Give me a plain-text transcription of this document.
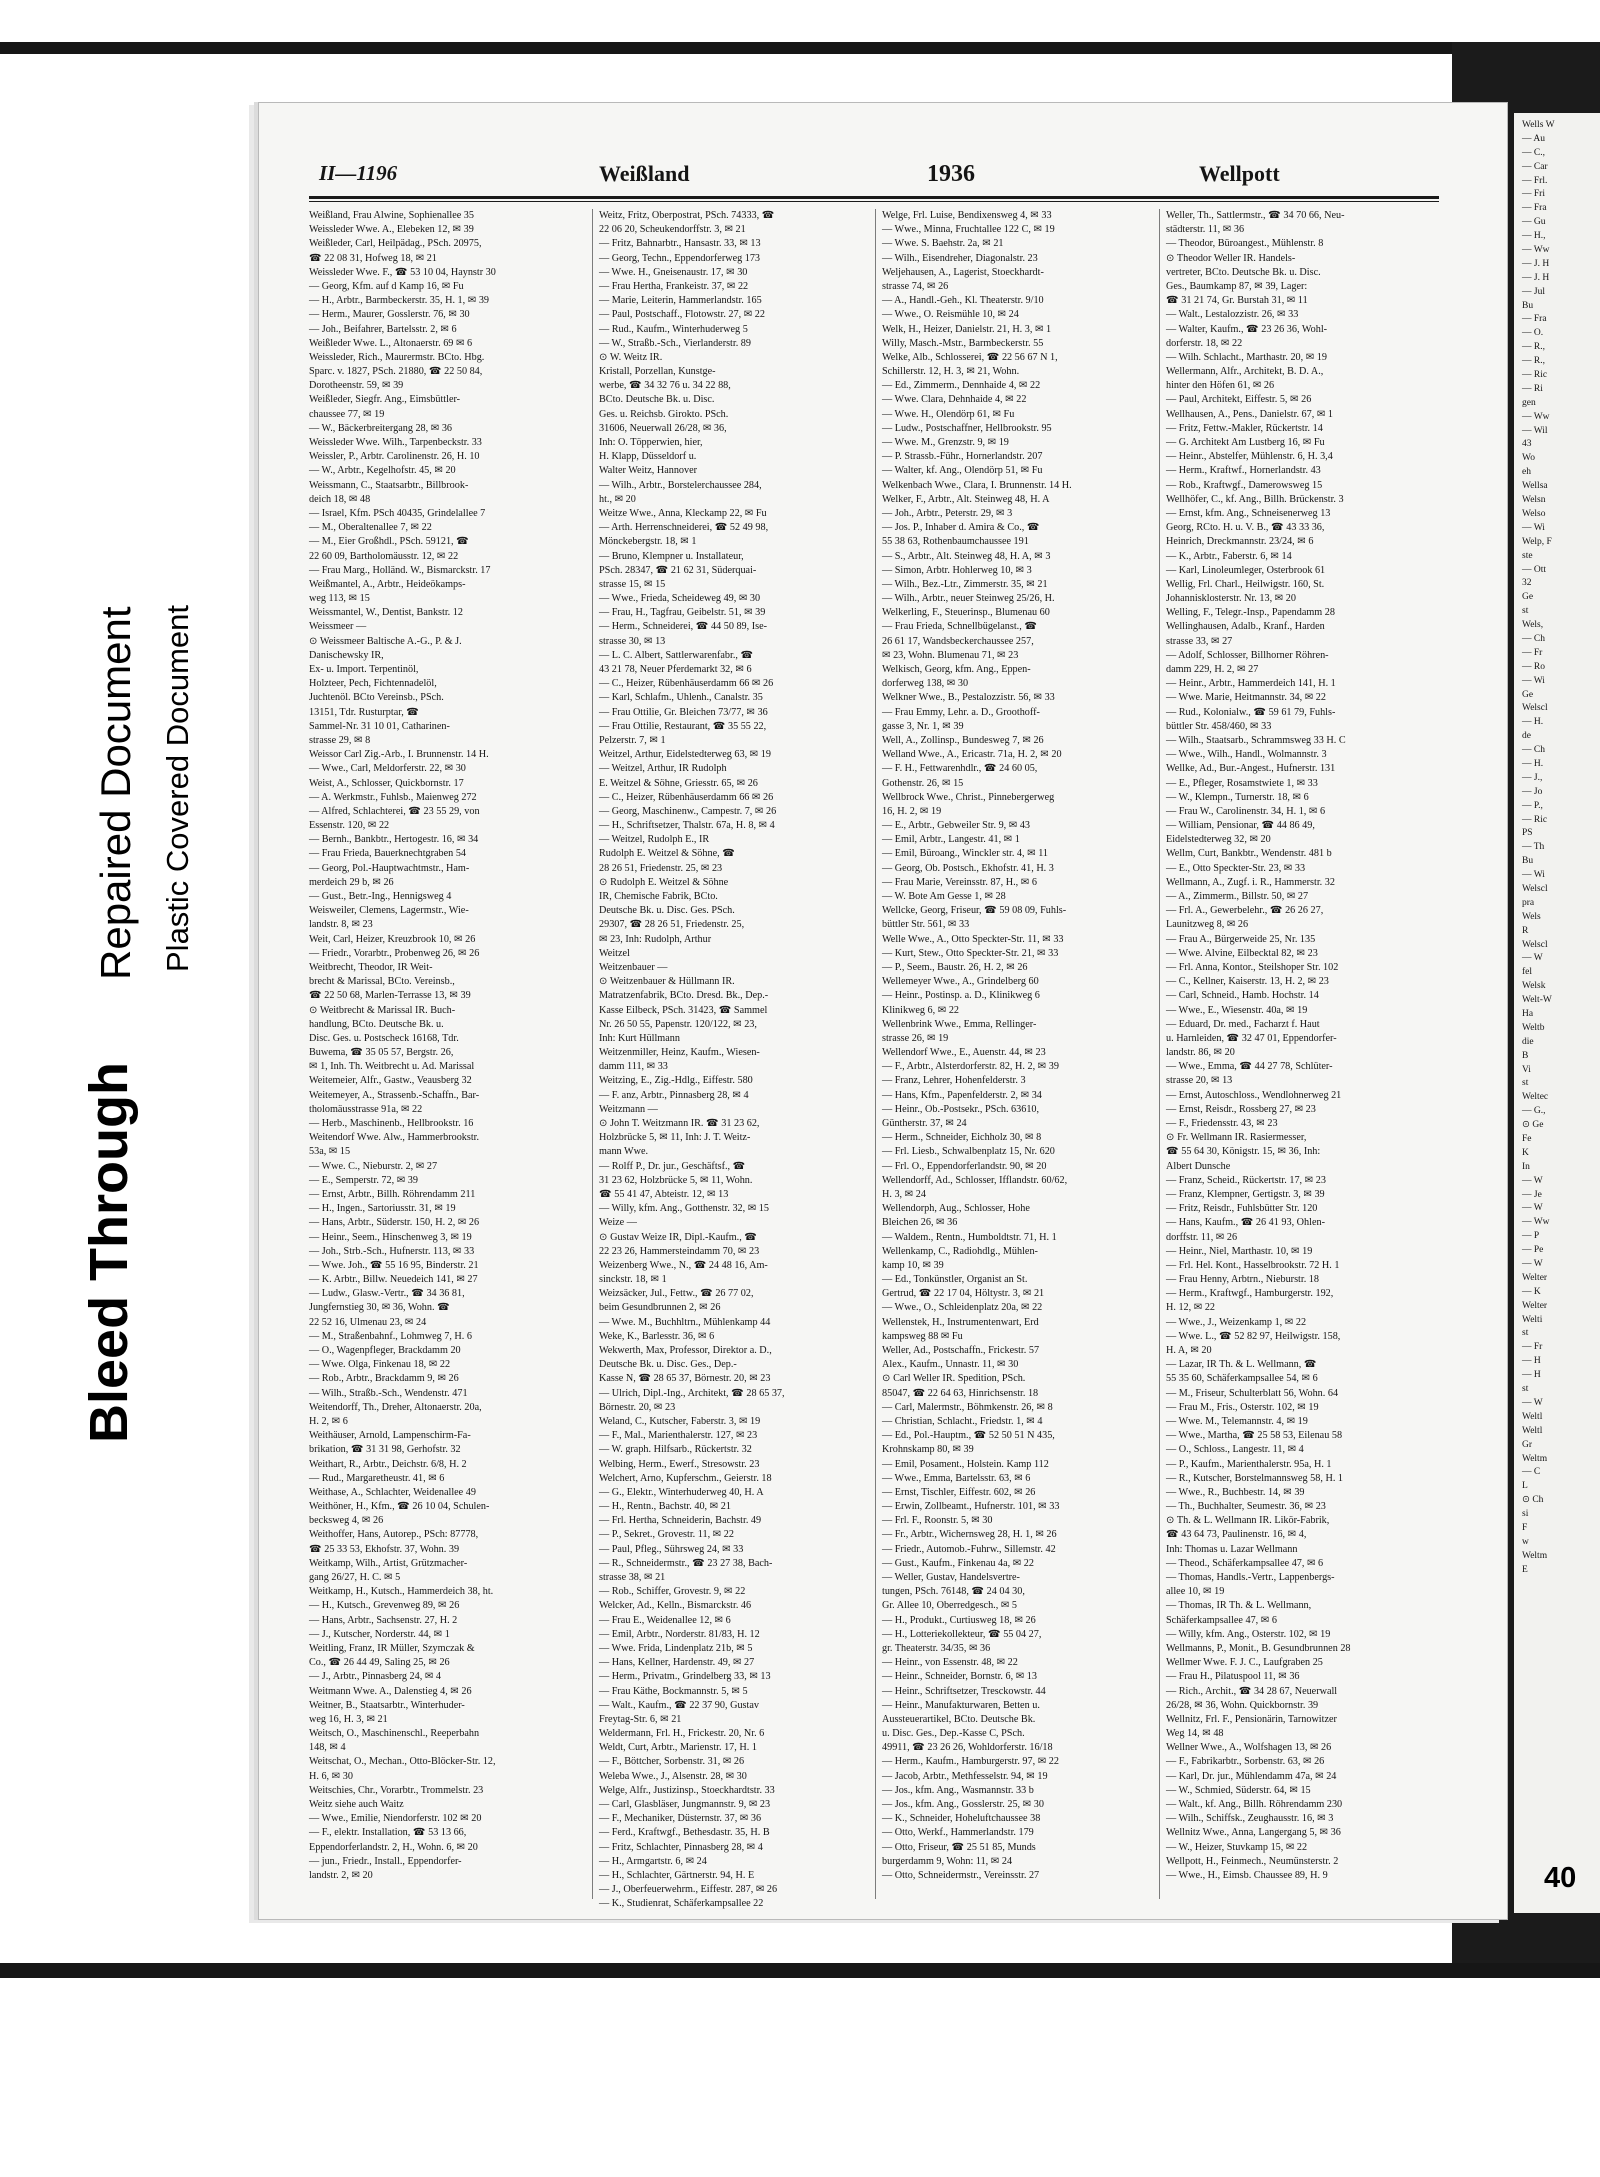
Bleed Through
Repaired Document Plastic Covered Document
Wells W
— Au
— C.,
— Car
— Frl.
— Fri
— Fra
— Gu
— H.,
— Ww
— J. H
— J. H
— Jul
Bu
— Fra
— O.
— R.,
— R.,
— Ric
— Ri
gen
— Ww
— Wil
43
Wo
eh
Wellsa
Welsn
Welso
— Wi
Welp, F
ste
— Ott
32
Ge
st
Wels,
— Ch
— Fr
— Ro
— Wi
Ge
Welscl
— H.
de
— Ch
— H.
— J.,
— Jo
— P.,
— Ric
PS
— Th
Bu
— Wi
Welscl
pra
Wels
R
Welscl
— W
fel
Welsk
Welt-W
Ha
Weltb
die
B
Vi
st
Weltec
— G.,
⊙ Ge
Fe
K
In
— W
— Je
— W
— Ww
— P
— Pe
— W
Welter
— K
Welter
Welti
st
— Fr
— H
— H
st
— W
Weltl
Weltl
Gr
Weltm
— C
L
⊙ Ch
si
F
w
Weltm
E
40
II—1196	Weißland	1936	Wellpott
Weißland, Frau Alwine, Sophienallee 35
Weissleder Wwe. A., Elebeken 12, ✉ 39
Weißleder, Carl, Heilpädag., PSch. 20975,
☎ 22 08 31, Hofweg 18, ✉ 21
Weissleder Wwe. F., ☎ 53 10 04, Haynstr 30
— Georg, Kfm. auf d Kamp 16, ✉ Fu
— H., Arbtr., Barmbeckerstr. 35, H. 1, ✉ 39
— Herm., Maurer, Gosslerstr. 76, ✉ 30
— Joh., Beifahrer, Bartelsstr. 2, ✉ 6
Weißleder Wwe. L., Altonaerstr. 69 ✉ 6
Weissleder, Rich., Maurermstr. BCto. Hbg.
Sparc. v. 1827, PSch. 21880, ☎ 22 50 84,
Dorotheenstr. 59, ✉ 39
Weißleder, Siegfr. Ang., Eimsbüttler-
chaussee 77, ✉ 19
— W., Bäckerbreitergang 28, ✉ 36
Weissleder Wwe. Wilh., Tarpenbeckstr. 33
Weissler, P., Arbtr. Carolinenstr. 26, H. 10
— W., Arbtr., Kegelhofstr. 45, ✉ 20
Weissmann, C., Staatsarbtr., Billbrook-
deich 18, ✉ 48
— Israel, Kfm. PSch 40435, Grindelallee 7
— M., Oberaltenallee 7, ✉ 22
— M., Eier Großhdl., PSch. 59121, ☎
22 60 09, Bartholomäusstr. 12, ✉ 22
— Frau Marg., Holländ. W., Bismarckstr. 17
Weißmantel, A., Arbtr., Heideökamps-
weg 113, ✉ 15
Weissmantel, W., Dentist, Bankstr. 12
Weissmeer —
⊙ Weissmeer Baltische A.-G., P. & J.
Danischewsky IR,
Ex- u. Import. Terpentinöl,
Holzteer, Pech, Fichtennadelöl,
Juchtenöl. BCto Vereinsb., PSch.
13151, Tdr. Rusturptar, ☎
Sammel-Nr. 31 10 01, Catharinen-
strasse 29, ✉ 8
Weissor Carl Zig.-Arb., I. Brunnenstr. 14 H.
— Wwe., Carl, Meldorferstr. 22, ✉ 30
Weist, A., Schlosser, Quickbornstr. 17
— A. Werkmstr., Fuhlsb., Maienweg 272
— Alfred, Schlachterei, ☎ 23 55 29, von
Essenstr. 120, ✉ 22
— Bernh., Bankbtr., Hertogestr. 16, ✉ 34
— Frau Frieda, Bauerknechtgraben 54
— Georg, Pol.-Hauptwachtmstr., Ham-
merdeich 29 b, ✉ 26
— Gust., Betr.-Ing., Hennigsweg 4
Weisweiler, Clemens, Lagermstr., Wie-
landstr. 8, ✉ 23
Weit, Carl, Heizer, Kreuzbrook 10, ✉ 26
— Friedr., Vorarbtr., Probenweg 26, ✉ 26
Weitbrecht, Theodor, IR Weit-
brecht & Marissal, BCto. Vereinsb.,
☎ 22 50 68, Marlen-Terrasse 13, ✉ 39
⊙ Weitbrecht & Marissal IR. Buch-
handlung, BCto. Deutsche Bk. u.
Disc. Ges. u. Postscheck 16168, Tdr.
Buwema, ☎ 35 05 57, Bergstr. 26,
✉ 1, Inh. Th. Weitbrecht u. Ad. Marissal
Weitemeier, Alfr., Gastw., Veausberg 32
Weitemeyer, A., Strassenb.-Schaffn., Bar-
tholomäusstrasse 91a, ✉ 22
— Herb., Maschinenb., Hellbrookstr. 16
Weitendorf Wwe. Alw., Hammerbrookstr.
53a, ✉ 15
— Wwe. C., Nieburstr. 2, ✉ 27
— E., Semperstr. 72, ✉ 39
— Ernst, Arbtr., Billh. Röhrendamm 211
— H., Ingen., Sartoriusstr. 31, ✉ 19
— Hans, Arbtr., Süderstr. 150, H. 2, ✉ 26
— Heinr., Seem., Hinschenweg 3, ✉ 19
— Joh., Strb.-Sch., Hufnerstr. 113, ✉ 33
— Wwe. Joh., ☎ 55 16 95, Binderstr. 21
— K. Arbtr., Billw. Neuedeich 141, ✉ 27
— Ludw., Glasw.-Vertr., ☎ 34 36 81,
Jungfernstieg 30, ✉ 36, Wohn. ☎
22 52 16, Ulmenau 23, ✉ 24
— M., Straßenbahnf., Lohmweg 7, H. 6
— O., Wagenpfleger, Brackdamm 20
— Wwe. Olga, Finkenau 18, ✉ 22
— Rob., Arbtr., Brackdamm 9, ✉ 26
— Wilh., Straßb.-Sch., Wendenstr. 471
Weitendorff, Th., Dreher, Altonaerstr. 20a,
H. 2, ✉ 6
Weithäuser, Arnold, Lampenschirm-Fa-
brikation, ☎ 31 31 98, Gerhofstr. 32
Weithart, R., Arbtr., Deichstr. 6/8, H. 2
— Rud., Margaretheustr. 41, ✉ 6
Weithase, A., Schlachter, Weidenallee 49
Weithöner, H., Kfm., ☎ 26 10 04, Schulen-
becksweg 4, ✉ 26
Weithoffer, Hans, Autorep., PSch: 87778,
☎ 25 33 53, Ekhofstr. 37, Wohn. 39
Weitkamp, Wilh., Artist, Grützmacher-
gang 26/27, H. C. ✉ 5
Weitkamp, H., Kutsch., Hammerdeich 38, ht.
— H., Kutsch., Grevenweg 89, ✉ 26
— Hans, Arbtr., Sachsenstr. 27, H. 2
— J., Kutscher, Norderstr. 44, ✉ 1
Weitling, Franz, IR Müller, Szymczak &
Co., ☎ 26 44 49, Saling 25, ✉ 26
— J., Arbtr., Pinnasberg 24, ✉ 4
Weitmann Wwe. A., Dalenstieg 4, ✉ 26
Weitner, B., Staatsarbtr., Winterhuder-
weg 16, H. 3, ✉ 21
Weitsch, O., Maschinenschl., Reeperbahn
148, ✉ 4
Weitschat, O., Mechan., Otto-Blöcker-Str. 12,
H. 6, ✉ 30
Weitschies, Chr., Vorarbtr., Trommelstr. 23
Weitz siehe auch Waitz
— Wwe., Emilie, Niendorferstr. 102 ✉ 20
— F., elektr. Installation, ☎ 53 13 66,
Eppendorferlandstr. 2, H., Wohn. 6, ✉ 20
— jun., Friedr., Install., Eppendorfer-
landstr. 2, ✉ 20
Weitz, Fritz, Oberpostrat, PSch. 74333, ☎
22 06 20, Scheukendorffstr. 3, ✉ 21
— Fritz, Bahnarbtr., Hansastr. 33, ✉ 13
— Georg, Techn., Eppendorferweg 173
— Wwe. H., Gneisenaustr. 17, ✉ 30
— Frau Hertha, Frankeistr. 37, ✉ 22
— Marie, Leiterin, Hammerlandstr. 165
— Paul, Postschaff., Flotowstr. 27, ✉ 22
— Rud., Kaufm., Winterhuderweg 5
— W., Straßb.-Sch., Vierlanderstr. 89
⊙ W. Weitz IR.
Kristall, Porzellan, Kunstge-
werbe, ☎ 34 32 76 u. 34 22 88,
BCto. Deutsche Bk. u. Disc.
Ges. u. Reichsb. Girokto. PSch.
31606, Neuerwall 26/28, ✉ 36,
Inh: O. Töpperwien, hier,
H. Klapp, Düsseldorf u.
Walter Weitz, Hannover
— Wilh., Arbtr., Borstelerchaussee 284,
ht., ✉ 20
Weitze Wwe., Anna, Kleckamp 22, ✉ Fu
— Arth. Herrenschneiderei, ☎ 52 49 98,
Mönckebergstr. 18, ✉ 1
— Bruno, Klempner u. Installateur,
PSch. 28347, ☎ 21 62 31, Süderquai-
strasse 15, ✉ 15
— Wwe., Frieda, Scheideweg 49, ✉ 30
— Frau, H., Tagfrau, Geibelstr. 51, ✉ 39
— Herm., Schneiderei, ☎ 44 50 89, Ise-
strasse 30, ✉ 13
— L. C. Albert, Sattlerwarenfabr., ☎
43 21 78, Neuer Pferdemarkt 32, ✉ 6
— C., Heizer, Rübenhäuserdamm 66 ✉ 26
— Karl, Schlafm., Uhlenh., Canalstr. 35
— Frau Ottilie, Gr. Bleichen 73/77, ✉ 36
— Frau Ottilie, Restaurant, ☎ 35 55 22,
Pelzerstr. 7, ✉ 1
Weitzel, Arthur, Eidelstedterweg 63, ✉ 19
— Weitzel, Arthur, IR Rudolph
E. Weitzel & Söhne, Griesstr. 65, ✉ 26
— C., Heizer, Rübenhäuserdamm 66 ✉ 26
— Georg, Maschinenw., Campestr. 7, ✉ 26
— H., Schriftsetzer, Thalstr. 67a, H. 8, ✉ 4
— Weitzel, Rudolph E., IR
Rudolph E. Weitzel & Söhne, ☎
28 26 51, Friedenstr. 25, ✉ 23
⊙ Rudolph E. Weitzel & Söhne
IR, Chemische Fabrik, BCto.
Deutsche Bk. u. Disc. Ges. PSch.
29307, ☎ 28 26 51, Friedenstr. 25,
✉ 23, Inh: Rudolph, Arthur
Weitzel
Weitzenbauer —
⊙ Weitzenbauer & Hüllmann IR.
Matratzenfabrik, BCto. Dresd. Bk., Dep.-
Kasse Eilbeck, PSch. 31423, ☎ Sammel
Nr. 26 50 55, Papenstr. 120/122, ✉ 23,
Inh: Kurt Hüllmann
Weitzenmiller, Heinz, Kaufm., Wiesen-
damm 111, ✉ 33
Weitzing, E., Zig.-Hdlg., Eiffestr. 580
— F. anz, Arbtr., Pinnasberg 28, ✉ 4
Weitzmann —
⊙ John T. Weitzmann IR. ☎ 31 23 62,
Holzbrücke 5, ✉ 11, Inh: J. T. Weitz-
mann Wwe.
— Rolff P., Dr. jur., Geschäftsf., ☎
31 23 62, Holzbrücke 5, ✉ 11, Wohn.
☎ 55 41 47, Abteistr. 12, ✉ 13
— Willy, kfm. Ang., Gotthenstr. 32, ✉ 15
Weize —
⊙ Gustav Weize IR, Dipl.-Kaufm., ☎
22 23 26, Hammersteindamm 70, ✉ 23
Weizenberg Wwe., N., ☎ 24 48 16, Am-
sinckstr. 18, ✉ 1
Weizsäcker, Jul., Fettw., ☎ 26 77 02,
beim Gesundbrunnen 2, ✉ 26
— Wwe. M., Buchhltrn., Mühlenkamp 44
Weke, K., Barlesstr. 36, ✉ 6
Wekwerth, Max, Professor, Direktor a. D.,
Deutsche Bk. u. Disc. Ges., Dep.-
Kasse N, ☎ 28 65 37, Börnestr. 20, ✉ 23
— Ulrich, Dipl.-Ing., Architekt, ☎ 28 65 37,
Börnestr. 20, ✉ 23
Weland, C., Kutscher, Faberstr. 3, ✉ 19
— F., Mal., Marienthalerstr. 127, ✉ 23
— W. graph. Hilfsarb., Rückertstr. 32
Welbing, Herm., Ewerf., Stresowstr. 23
Welchert, Arno, Kupferschm., Geierstr. 18
— G., Elektr., Winterhuderweg 40, H. A
— H., Rentn., Bachstr. 40, ✉ 21
— Frl. Hertha, Schneiderin, Bachstr. 49
— P., Sekret., Grovestr. 11, ✉ 22
— Paul, Pfleg., Sührsweg 24, ✉ 33
— R., Schneidermstr., ☎ 23 27 38, Bach-
strasse 38, ✉ 21
— Rob., Schiffer, Grovestr. 9, ✉ 22
Welcker, Ad., Kelln., Bismarckstr. 46
— Frau E., Weidenallee 12, ✉ 6
— Emil, Arbtr., Norderstr. 81/83, H. 12
— Wwe. Frida, Lindenplatz 21b, ✉ 5
— Hans, Kellner, Hardenstr. 49, ✉ 27
— Herm., Privatm., Grindelberg 33, ✉ 13
— Frau Käthe, Bockmannstr. 5, ✉ 5
— Walt., Kaufm., ☎ 22 37 90, Gustav
Freytag-Str. 6, ✉ 21
Weldermann, Frl. H., Frickestr. 20, Nr. 6
Weldt, Curt, Arbtr., Marienstr. 17, H. 1
— F., Böttcher, Sorbenstr. 31, ✉ 26
Weleba Wwe., J., Alsenstr. 28, ✉ 30
Welge, Alfr., Justizinsp., Stoeckhardtstr. 33
— Carl, Glasbläser, Jungmannstr. 9, ✉ 23
— F., Mechaniker, Düsternstr. 37, ✉ 36
— Ferd., Kraftwgf., Bethesdastr. 35, H. B
— Fritz, Schlachter, Pinnasberg 28, ✉ 4
— H., Armgartstr. 6, ✉ 24
— H., Schlachter, Gärtnerstr. 94, H. E
— J., Oberfeuerwehrm., Eiffestr. 287, ✉ 26
— K., Studienrat, Schäferkampsallee 22
Welge, Frl. Luise, Bendixensweg 4, ✉ 33
— Wwe., Minna, Fruchtallee 122 C, ✉ 19
— Wwe. S. Baehstr. 2a, ✉ 21
— Wilh., Eisendreher, Diagonalstr. 23
Weljehausen, A., Lagerist, Stoeckhardt-
strasse 74, ✉ 26
— A., Handl.-Geh., Kl. Theaterstr. 9/10
— Wwe., O. Reismühle 10, ✉ 24
Welk, H., Heizer, Danielstr. 21, H. 3, ✉ 1
Willy, Masch.-Mstr., Barmbeckerstr. 55
Welke, Alb., Schlosserei, ☎ 22 56 67 N 1,
Schillerstr. 12, H. 3, ✉ 21, Wohn.
— Ed., Zimmerm., Dennhaide 4, ✉ 22
— Wwe. Clara, Dehnhaide 4, ✉ 22
— Wwe. H., Olendörp 61, ✉ Fu
— Ludw., Postschaffner, Hellbrookstr. 95
— Wwe. M., Grenzstr. 9, ✉ 19
— P. Strassb.-Führ., Hornerlandstr. 207
— Walter, kf. Ang., Olendörp 51, ✉ Fu
Welkenbach Wwe., Clara, I. Brunnenstr. 14 H.
Welker, F., Arbtr., Alt. Steinweg 48, H. A
— Joh., Arbtr., Peterstr. 29, ✉ 3
— Jos. P., Inhaber d. Amira & Co., ☎
55 38 63, Rothenbaumchaussee 191
— S., Arbtr., Alt. Steinweg 48, H. A, ✉ 3
— Simon, Arbtr. Hohlerweg 10, ✉ 3
— Wilh., Bez.-Ltr., Zimmerstr. 35, ✉ 21
— Wilh., Arbtr., neuer Steinweg 25/26, H.
Welkerling, F., Steuerinsp., Blumenau 60
— Frau Frieda, Schnellbügelanst., ☎
26 61 17, Wandsbeckerchaussee 257,
✉ 23, Wohn. Blumenau 71, ✉ 23
Welkisch, Georg, kfm. Ang., Eppen-
dorferweg 138, ✉ 30
Welkner Wwe., B., Pestalozzistr. 56, ✉ 33
— Frau Emmy, Lehr. a. D., Groothoff-
gasse 3, Nr. 1, ✉ 39
Well, A., Zollinsp., Bundesweg 7, ✉ 26
Welland Wwe., A., Ericastr. 71a, H. 2, ✉ 20
— F. H., Fettwarenhdlr., ☎ 24 60 05,
Gothenstr. 26, ✉ 15
Wellbrock Wwe., Christ., Pinnebergerweg
16, H. 2, ✉ 19
— E., Arbtr., Gebweiler Str. 9, ✉ 43
— Emil, Arbtr., Langestr. 41, ✉ 1
— Emil, Büroang., Winckler str. 4, ✉ 11
— Georg, Ob. Postsch., Ekhofstr. 41, H. 3
— Frau Marie, Vereinsstr. 87, H., ✉ 6
— W. Bote Am Gesse 1, ✉ 28
Wellcke, Georg, Friseur, ☎ 59 08 09, Fuhls-
büttler Str. 561, ✉ 33
Welle Wwe., A., Otto Speckter-Str. 11, ✉ 33
— Kurt, Stew., Otto Speckter-Str. 21, ✉ 33
— P., Seem., Baustr. 26, H. 2, ✉ 26
Wellemeyer Wwe., A., Grindelberg 60
— Heinr., Postinsp. a. D., Klinikweg 6
Klinikweg 6, ✉ 22
Wellenbrink Wwe., Emma, Rellinger-
strasse 26, ✉ 19
Wellendorf Wwe., E., Auenstr. 44, ✉ 23
— F., Arbtr., Alsterdorferstr. 82, H. 2, ✉ 39
— Franz, Lehrer, Hohenfelderstr. 3
— Hans, Kfm., Papenfelderstr. 2, ✉ 34
— Heinr., Ob.-Postsekr., PSch. 63610,
Güntherstr. 37, ✉ 24
— Herm., Schneider, Eichholz 30, ✉ 8
— Frl. Liesb., Schwalbenplatz 15, Nr. 620
— Frl. O., Eppendorferlandstr. 90, ✉ 20
Wellendorff, Ad., Schlosser, Ifflandstr. 60/62,
H. 3, ✉ 24
Wellendorph, Aug., Schlosser, Hohe
Bleichen 26, ✉ 36
— Waldem., Rentn., Humboldtstr. 71, H. 1
Wellenkamp, C., Radiohdlg., Mühlen-
kamp 10, ✉ 39
— Ed., Tonkünstler, Organist an St.
Gertrud, ☎ 22 17 04, Höltystr. 3, ✉ 21
— Wwe., O., Schleidenplatz 20a, ✉ 22
Wellenstek, H., Instrumentenwart, Erd
kampsweg 88 ✉ Fu
Weller, Ad., Postschaffn., Frickestr. 57
Alex., Kaufm., Unnastr. 11, ✉ 30
⊙ Carl Weller IR. Spedition, PSch.
85047, ☎ 22 64 63, Hinrichsenstr. 18
— Carl, Malermstr., Böhmkenstr. 26, ✉ 8
— Christian, Schlacht., Friedstr. 1, ✉ 4
— Ed., Pol.-Hauptm., ☎ 52 50 51 N 435,
Krohnskamp 80, ✉ 39
— Emil, Posament., Holstein. Kamp 112
— Wwe., Emma, Bartelsstr. 63, ✉ 6
— Ernst, Tischler, Eiffestr. 602, ✉ 26
— Erwin, Zollbeamt., Hufnerstr. 101, ✉ 33
— Frl. F., Roonstr. 5, ✉ 30
— Fr., Arbtr., Wichernsweg 28, H. 1, ✉ 26
— Friedr., Automob.-Fuhrw., Sillemstr. 42
— Gust., Kaufm., Finkenau 4a, ✉ 22
— Weller, Gustav, Handelsvertre-
tungen, PSch. 76148, ☎ 24 04 30,
Gr. Allee 10, Oberredgesch., ✉ 5
— H., Produkt., Curtiusweg 18, ✉ 26
— H., Lotteriekollekteur, ☎ 55 04 27,
gr. Theaterstr. 34/35, ✉ 36
— Heinr., von Essenstr. 48, ✉ 22
— Heinr., Schneider, Bornstr. 6, ✉ 13
— Heinr., Schriftsetzer, Tresckowstr. 44
— Heinr., Manufakturwaren, Betten u.
Aussteuerartikel, BCto. Deutsche Bk.
u. Disc. Ges., Dep.-Kasse C, PSch.
49911, ☎ 23 26 26, Wohldorferstr. 16/18
— Herm., Kaufm., Hamburgerstr. 97, ✉ 22
— Jacob, Arbtr., Methfesselstr. 94, ✉ 19
— Jos., kfm. Ang., Wasmannstr. 33 b
— Jos., kfm. Ang., Gosslerstr. 25, ✉ 30
— K., Schneider, Hoheluftchaussee 38
— Otto, Werkf., Hammerlandstr. 179
— Otto, Friseur, ☎ 25 51 85, Munds
burgerdamm 9, Wohn: 11, ✉ 24
— Otto, Schneidermstr., Vereinsstr. 27
Weller, Th., Sattlermstr., ☎ 34 70 66, Neu-
städterstr. 11, ✉ 36
— Theodor, Büroangest., Mühlenstr. 8
⊙ Theodor Weller IR. Handels-
vertreter, BCto. Deutsche Bk. u. Disc.
Ges., Baumkamp 87, ✉ 39, Lager:
☎ 31 21 74, Gr. Burstah 31, ✉ 11
— Walt., Lestalozzistr. 26, ✉ 33
— Walter, Kaufm., ☎ 23 26 36, Wohl-
dorferstr. 18, ✉ 22
— Wilh. Schlacht., Marthastr. 20, ✉ 19
Wellermann, Alfr., Architekt, B. D. A.,
hinter den Höfen 61, ✉ 26
— Paul, Architekt, Eiffestr. 5, ✉ 26
Wellhausen, A., Pens., Danielstr. 67, ✉ 1
— Fritz, Fettw.-Makler, Rückertstr. 14
— G. Architekt Am Lustberg 16, ✉ Fu
— Heinr., Abstelfer, Mühlenstr. 6, H. 3,4
— Herm., Kraftwf., Hornerlandstr. 43
— Rob., Kraftwgf., Damerowsweg 15
Wellhöfer, C., kf. Ang., Billh. Brückenstr. 3
— Ernst, kfm. Ang., Schneisenerweg 13
Georg, RCto. H. u. V. B., ☎ 43 33 36,
Heinrich, Dreckmannstr. 23/24, ✉ 6
— K., Arbtr., Faberstr. 6, ✉ 14
— Karl, Linoleumleger, Osterbrook 61
Wellig, Frl. Charl., Heilwigstr. 160, St.
Johannisklosterstr. Nr. 13, ✉ 20
Welling, F., Telegr.-Insp., Papendamm 28
Wellinghausen, Adalb., Kranf., Harden
strasse 33, ✉ 27
— Adolf, Schlosser, Billhorner Röhren-
damm 229, H. 2, ✉ 27
— Heinr., Arbtr., Hammerdeich 141, H. 1
— Wwe. Marie, Heitmannstr. 34, ✉ 22
— Rud., Kolonialw., ☎ 59 61 79, Fuhls-
büttler Str. 458/460, ✉ 33
— Wilh., Staatsarb., Schrammsweg 33 H. C
— Wwe., Wilh., Handl., Wolmannstr. 3
Wellke, Ad., Bur.-Angest., Hufnerstr. 131
— E., Pfleger, Rosamstwiete 1, ✉ 33
— W., Klempn., Turnerstr. 18, ✉ 6
— Frau W., Carolinenstr. 34, H. 1, ✉ 6
— William, Pensionar, ☎ 44 86 49,
Eidelstedterweg 32, ✉ 20
Wellm, Curt, Bankbtr., Wendenstr. 481 b
— E., Otto Speckter-Str. 23, ✉ 33
Wellmann, A., Zugf. i. R., Hammerstr. 32
— A., Zimmerm., Billstr. 50, ✉ 27
— Frl. A., Gewerbelehr., ☎ 26 26 27,
Launitzweg 8, ✉ 26
— Frau A., Bürgerweide 25, Nr. 135
— Wwe. Alvine, Eilbecktal 82, ✉ 23
— Frl. Anna, Kontor., Steilshoper Str. 102
— C., Kellner, Kaiserstr. 13, H. 2, ✉ 23
— Carl, Schneid., Hamb. Hochstr. 14
— Wwe., E., Wiesenstr. 40a, ✉ 19
— Eduard, Dr. med., Facharzt f. Haut
u. Harnleiden, ☎ 32 47 01, Eppendorfer-
landstr. 86, ✉ 20
— Wwe., Emma, ☎ 44 27 78, Schlüter-
strasse 20, ✉ 13
— Ernst, Autoschloss., Wendlohnerweg 21
— Ernst, Reisdr., Rossberg 27, ✉ 23
— F., Friedensstr. 43, ✉ 23
⊙ Fr. Wellmann IR. Rasiermesser,
☎ 55 64 30, Königstr. 15, ✉ 36, Inh:
Albert Dunsche
— Franz, Scheid., Rückertstr. 17, ✉ 23
— Franz, Klempner, Gertigstr. 3, ✉ 39
— Fritz, Reisdr., Fuhlsbütter Str. 120
— Hans, Kaufm., ☎ 26 41 93, Ohlen-
dorffstr. 11, ✉ 26
— Heinr., Niel, Marthastr. 10, ✉ 19
— Frl. Hel. Kont., Hasselbrookstr. 72 H. 1
— Frau Henny, Arbtrn., Nieburstr. 18
— Herm., Kraftwgf., Hamburgerstr. 192,
H. 12, ✉ 22
— Wwe., J., Weizenkamp 1, ✉ 22
— Wwe. L., ☎ 52 82 97, Heilwigstr. 158,
H. A, ✉ 20
— Lazar, IR Th. & L. Wellmann, ☎
55 35 60, Schäferkampsallee 54, ✉ 6
— M., Friseur, Schulterblatt 56, Wohn. 64
— Frau M., Fris., Osterstr. 102, ✉ 19
— Wwe. M., Telemannstr. 4, ✉ 19
— Wwe., Martha, ☎ 25 58 53, Eilenau 58
— O., Schloss., Langestr. 11, ✉ 4
— P., Kaufm., Marienthalerstr. 95a, H. 1
— R., Kutscher, Borstelmannsweg 58, H. 1
— Wwe., R., Buchbestr. 14, ✉ 39
— Th., Buchhalter, Seumestr. 36, ✉ 23
⊙ Th. & L. Wellmann IR. Likör-Fabrik,
☎ 43 64 73, Paulinenstr. 16, ✉ 4,
Inh: Thomas u. Lazar Wellmann
— Theod., Schäferkampsallee 47, ✉ 6
— Thomas, Handls.-Vertr., Lappenbergs-
allee 10, ✉ 19
— Thomas, IR Th. & L. Wellmann,
Schäferkampsallee 47, ✉ 6
— Willy, kfm. Ang., Osterstr. 102, ✉ 19
Wellmanns, P., Monit., B. Gesundbrunnen 28
Wellmer Wwe. F. J. C., Laufgraben 25
— Frau H., Pilatuspool 11, ✉ 36
— Rich., Archit., ☎ 34 28 67, Neuerwall
26/28, ✉ 36, Wohn. Quickbornstr. 39
Wellnitz, Frl. F., Pensionärin, Tarnowitzer
Weg 14, ✉ 48
Wellner Wwe., A., Wolfshagen 13, ✉ 26
— F., Fabrikarbtr., Sorbenstr. 63, ✉ 26
— Karl, Dr. jur., Mühlendamm 47a, ✉ 24
— W., Schmied, Süderstr. 64, ✉ 15
— Walt., kf. Ang., Billh. Röhrendamm 230
— Wilh., Schiffsk., Zeughausstr. 16, ✉ 3
Wellnitz Wwe., Anna, Langergang 5, ✉ 36
— W., Heizer, Stuvkamp 15, ✉ 22
Wellpott, H., Feinmech., Neumünsterstr. 2
— Wwe., H., Eimsb. Chaussee 89, H. 9
